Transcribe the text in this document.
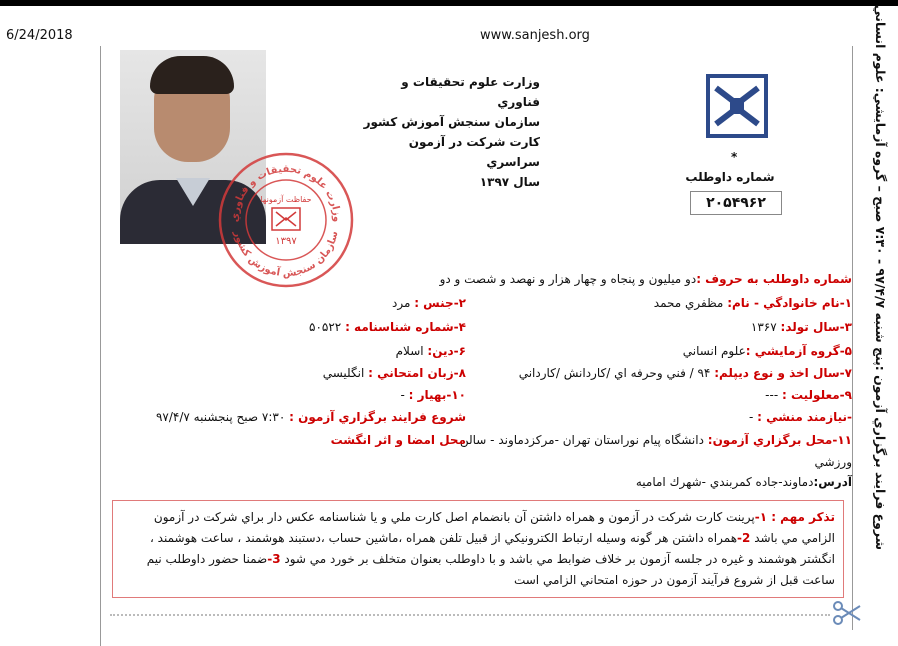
6/24/2018	www.sanjesh.org	شروع فرايند برگزاري آزمون :پنج شنبه ۹۷/۴/۷ - ۷:۳۰ صبح – گروه آزمايشي: علوم انساني
وزارت علوم تحقيقات و فناوري
سازمان سنجش آموزش كشور
حفاظت آزمونها
۱۳۹۷
وزارت علوم تحقيقات و فناوري
سازمان سنجش آموزش كشور
كارت شركت در آزمون سراسري
سال ۱۳۹۷
*
شماره داوطلب
۲۰۵۴۹۶۲
شماره داوطلب به حروف :دو ميليون و پنجاه و چهار هزار و نهصد و شصت و دو
۱-نام خانوادگي - نام: مظفري محمد
۲-جنس : مرد
۳-سال تولد: ۱۳۶۷
۴-شماره شناسنامه : ۵۰۵۲۲
۵-گروه آزمايشي :علوم انساني
۶-دين: اسلام
۷-سال اخذ و نوع ديپلم: ۹۴ / فني وحرفه اي /كاردانش /كارداني
۸-زبان امتحاني : انگليسي
۹-معلوليت : ---
۱۰-بهيار : -
-نيازمند منشي : -
شروع فرايند برگزاري آزمون : ۷:۳۰ صبح پنجشنبه ۹۷/۴/۷
۱۱-محل برگزاري آزمون: دانشگاه پيام نوراستان تهران -مركزدماوند - سالن
محل امضا و اثر انگشت
ورزشي
آدرس:دماوند-جاده كمربندي -شهرك اماميه
تذكر مهم : ۱-پرينت كارت شركت در آزمون و همراه داشتن آن بانضمام اصل كارت ملي و يا شناسنامه عكس دار براي شركت در آزمون الزامي مي باشد 2-همراه داشتن هر گونه وسيله ارتباط الكترونيكي از قبيل تلفن همراه ،ماشين حساب ،دستبند هوشمند ، ساعت هوشمند ، انگشتر هوشمند و غيره در جلسه آزمون بر خلاف ضوابط مي باشد و با داوطلب بعنوان متخلف بر خورد مي شود 3-ضمنا حضور داوطلب نيم ساعت قبل از شروع فرآيند آزمون در حوزه امتحاني الزامي است
